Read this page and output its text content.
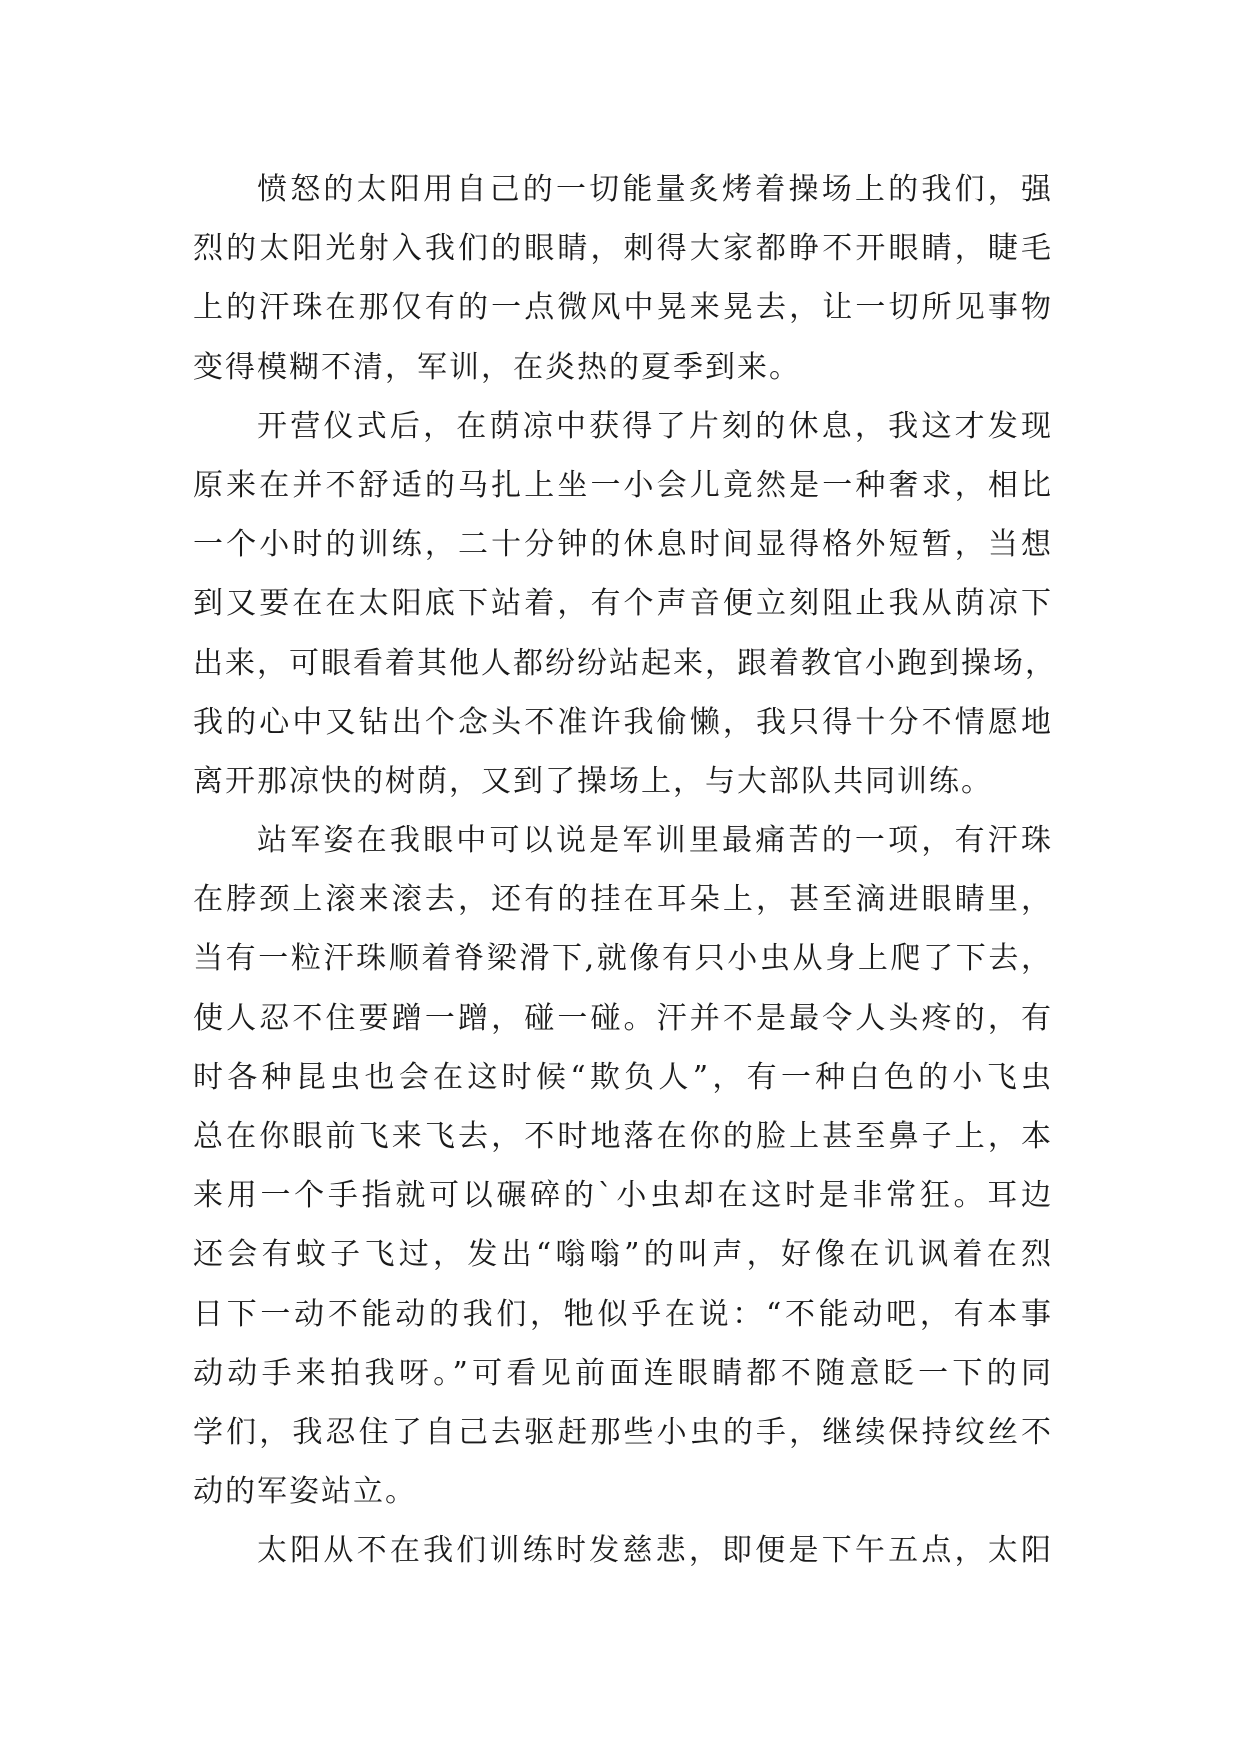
愤怒的太阳用自己的一切能量炙烤着操场上的我们，强
烈的太阳光射入我们的眼睛，刺得大家都睁不开眼睛，睫毛
上的汗珠在那仅有的一点微风中晃来晃去，让一切所见事物
变得模糊不清，军训，在炎热的夏季到来。
开营仪式后，在荫凉中获得了片刻的休息，我这才发现
原来在并不舒适的马扎上坐一小会儿竟然是一种奢求，相比
一个小时的训练，二十分钟的休息时间显得格外短暂，当想
到又要在在太阳底下站着，有个声音便立刻阻止我从荫凉下
出来，可眼看着其他人都纷纷站起来，跟着教官小跑到操场，
我的心中又钻出个念头不准许我偷懒，我只得十分不情愿地
离开那凉快的树荫，又到了操场上，与大部队共同训练。
站军姿在我眼中可以说是军训里最痛苦的一项，有汗珠
在脖颈上滚来滚去，还有的挂在耳朵上，甚至滴进眼睛里，
当有一粒汗珠顺着脊梁滑下,就像有只小虫从身上爬了下去，
使人忍不住要蹭一蹭，碰一碰。汗并不是最令人头疼的，有
时各种昆虫也会在这时候“欺负人”，有一种白色的小飞虫
总在你眼前飞来飞去，不时地落在你的脸上甚至鼻子上，本
来用一个手指就可以碾碎的`小虫却在这时是非常狂。耳边
还会有蚊子飞过，发出“嗡嗡”的叫声，好像在讥讽着在烈
日下一动不能动的我们，牠似乎在说：“不能动吧，有本事
动动手来拍我呀。”可看见前面连眼睛都不随意眨一下的同
学们，我忍住了自己去驱赶那些小虫的手，继续保持纹丝不
动的军姿站立。
太阳从不在我们训练时发慈悲，即便是下午五点，太阳
